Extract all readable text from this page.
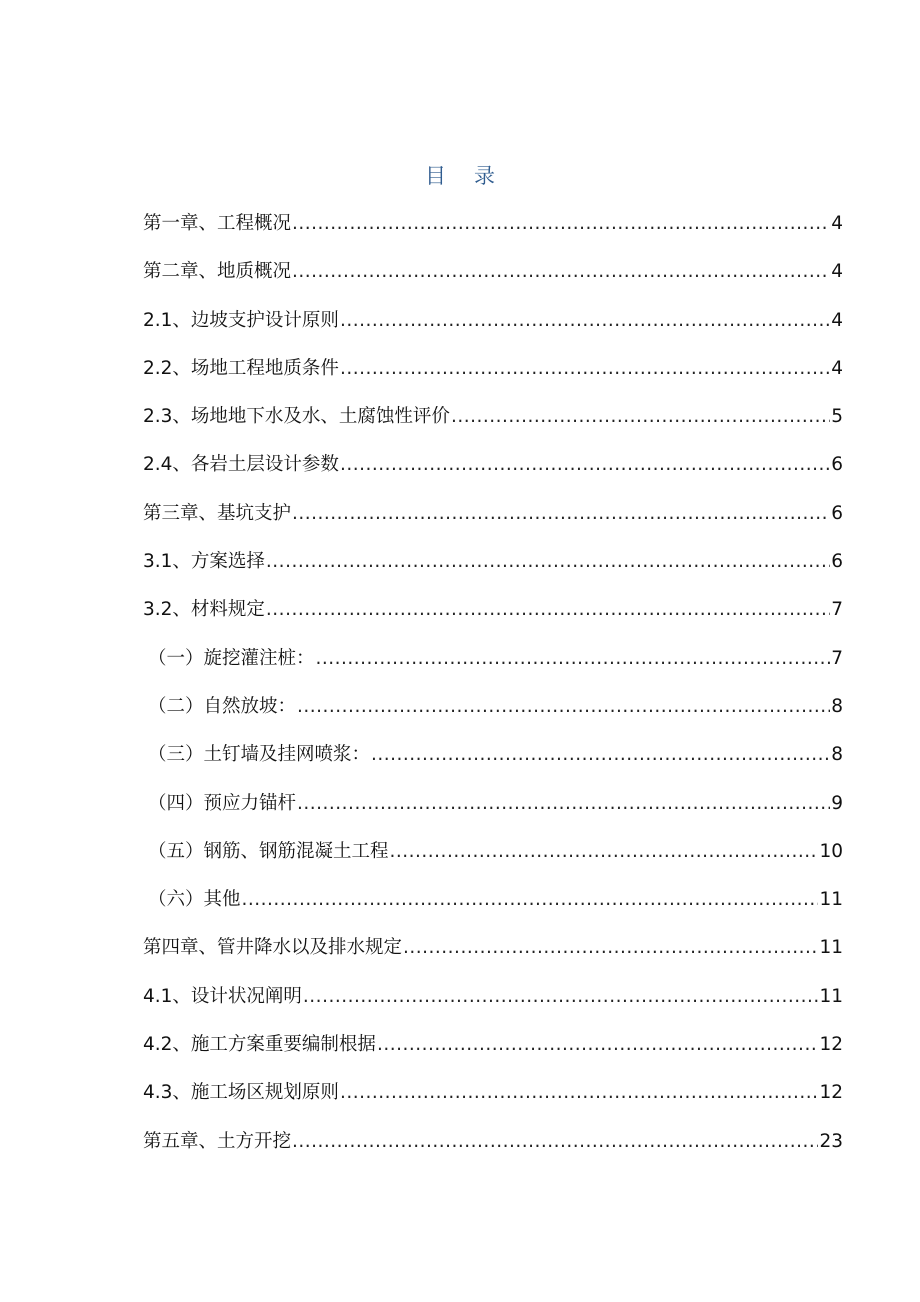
目录
第一章、工程概况 .....	4
第二章、地质概况 .....	4
2.1、边坡支护设计原则 .....	4
2.2、场地工程地质条件 .....	4
2.3、场地地下水及水、土腐蚀性评价 .....	5
2.4、各岩土层设计参数 .....	6
第三章、基坑支护 .....	6
3.1、方案选择 .....	6
3.2、材料规定 .....	7
（一）旋挖灌注桩： .....	7
（二）自然放坡： .....	8
（三）土钉墙及挂网喷浆： .....	8
（四）预应力锚杆 .....	9
（五）钢筋、钢筋混凝土工程 .....	10
（六）其他 .....	11
第四章、管井降水以及排水规定 .....	11
4.1、设计状况阐明 .....	11
4.2、施工方案重要编制根据 .....	12
4.3、施工场区规划原则 .....	12
第五章、土方开挖 .....	23
